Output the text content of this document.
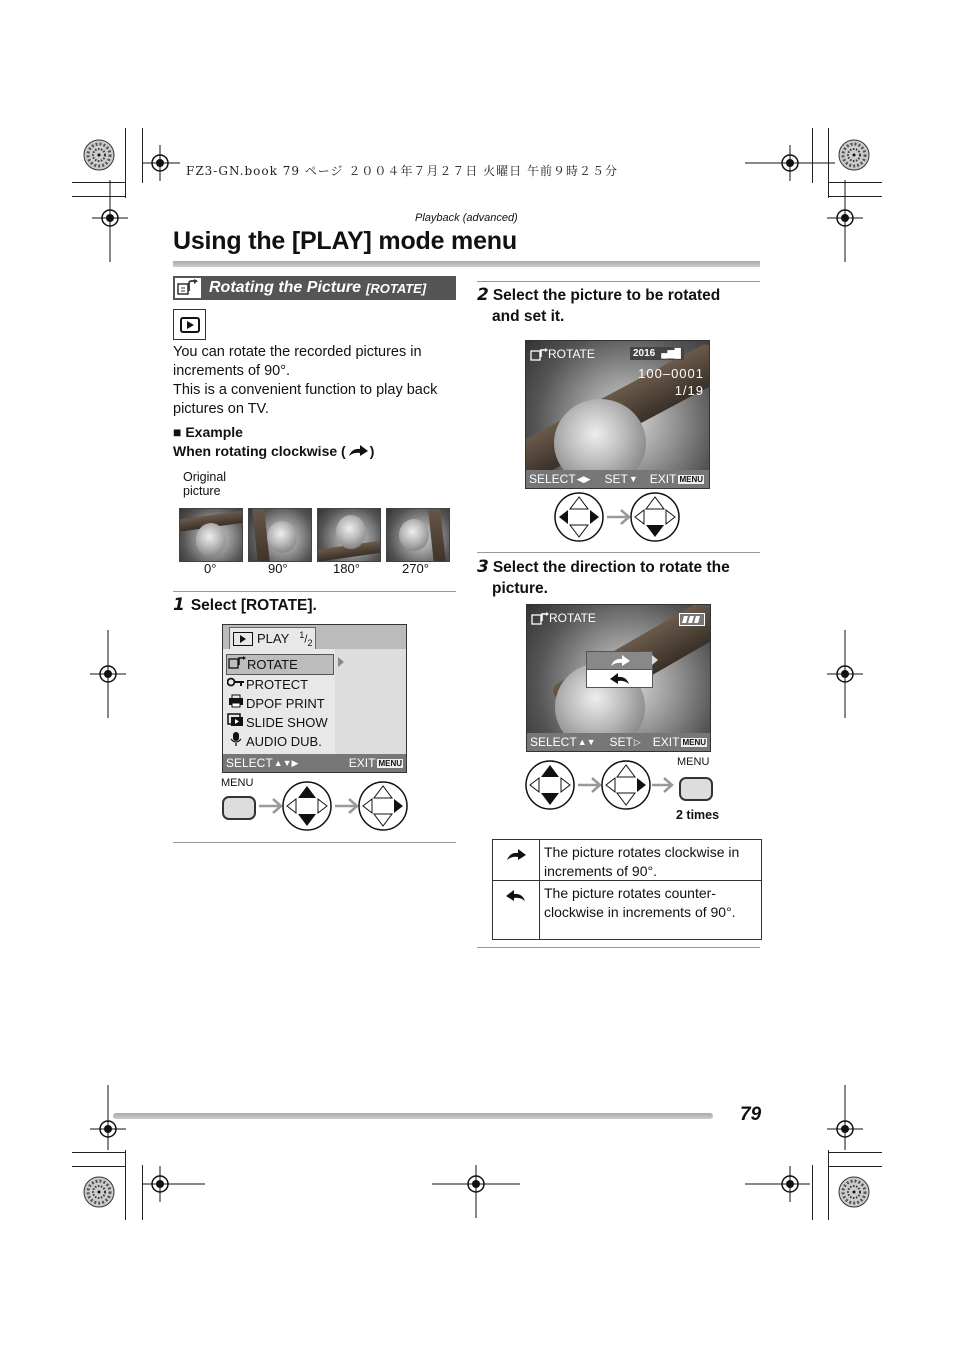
FZ3-GN.book 79 ページ ２００４年７月２７日 火曜日 午前９時２５分
Playback (advanced)
Using the [PLAY] mode menu
Rotating the Picture [ROTATE]
You can rotate the recorded pictures in
increments of 90°.
This is a convenient function to play back
pictures on TV.
■ Example
When rotating clockwise ( )
Original
picture
0°	90°	180°	270°
1 Select [ROTATE].
PLAY $^1/_2$
ROTATE
PROTECT
DPOF PRINT
SLIDE SHOW
AUDIO DUB.
SELECT ▲▼▶	EXIT MENU
MENU
2 Select the picture to be rotated
and set it.
ROTATE	2016 ▄▆█
100–0001
1/19
SELECT ◀▶ SET ▼ EXIT MENU
3 Select the direction to rotate the
picture.
ROTATE
SELECT ▲▼ SET ▷ EXIT MENU
MENU
2 times
The picture rotates clockwise in increments of 90°.
The picture rotates counter-clockwise in increments of 90°.
79
